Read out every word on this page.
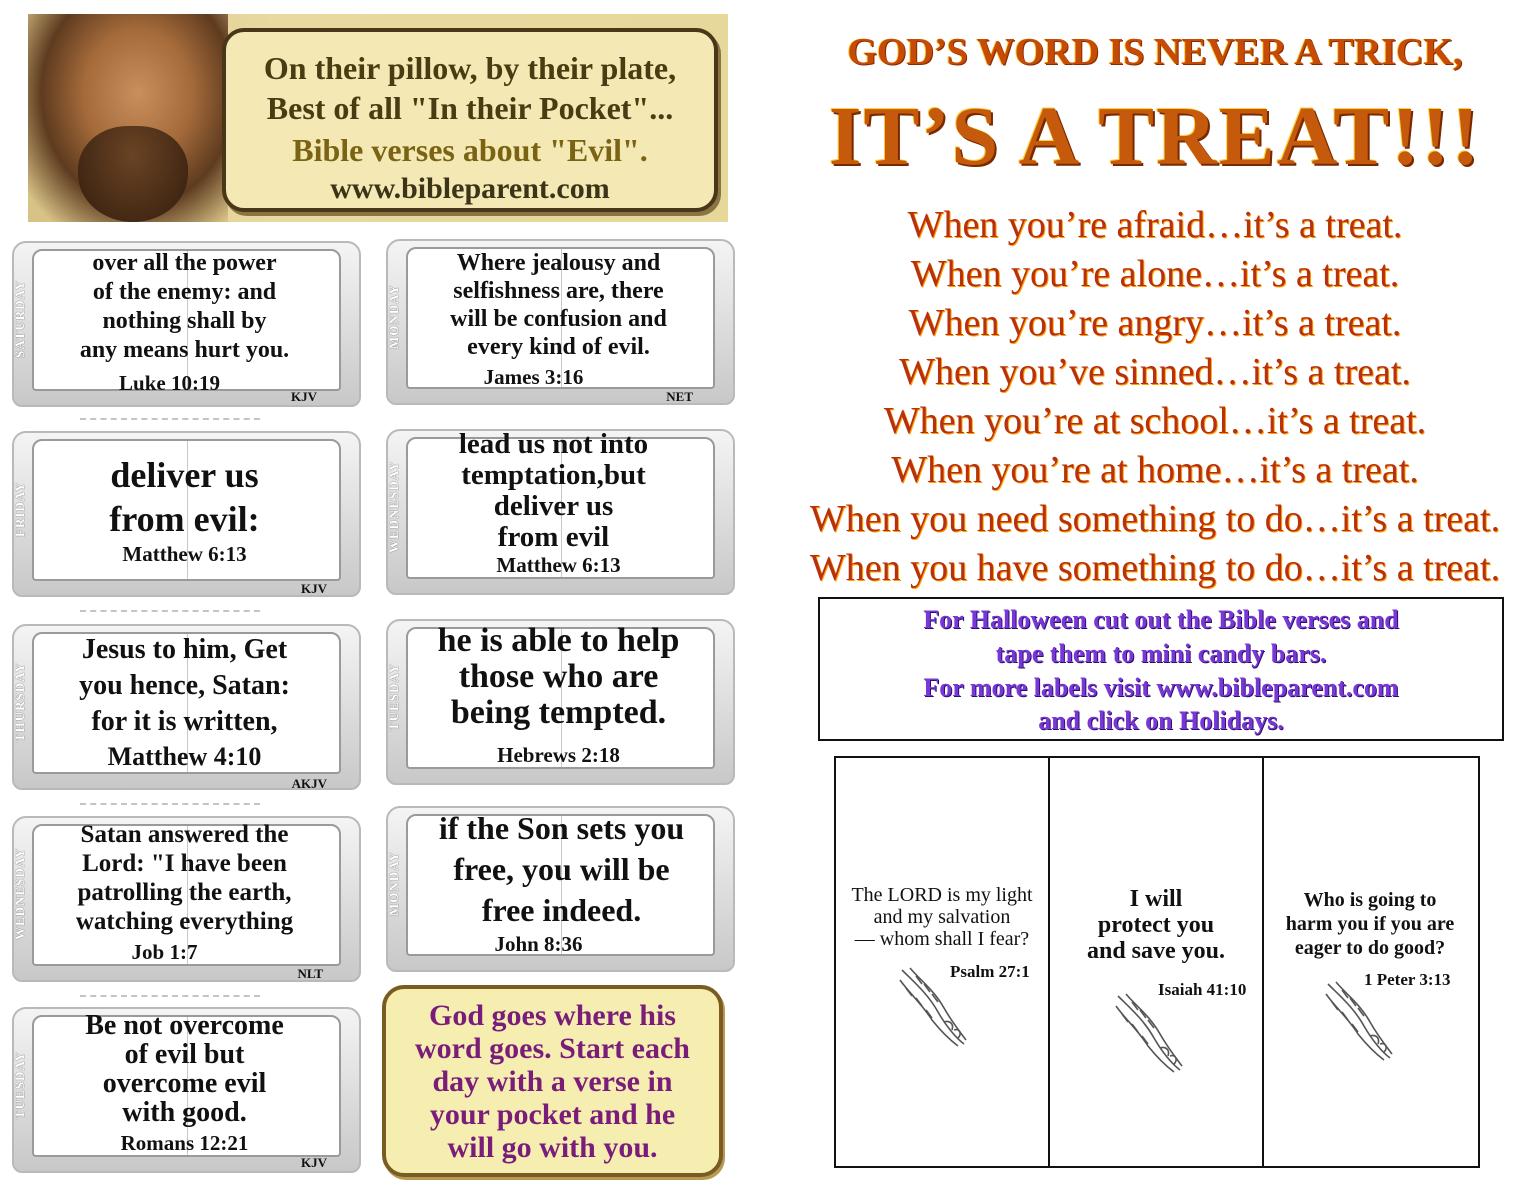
On their pillow, by their plate,
Best of all "In their Pocket"...
Bible verses about "Evil".
www.bibleparent.com
SATURDAY
over all the power
of the enemy: and
nothing shall by
any means hurt you.
Luke 10:19
KJV
MONDAY
Where jealousy and
selfishness are, there
will be confusion and
every kind of evil.
James 3:16
NET
FRIDAY
deliver us
from evil:
Matthew 6:13
KJV
WEDNESDAY
lead us not into
temptation,but
deliver us
from evil
Matthew 6:13
THURSDAY
Jesus to him, Get
you hence, Satan:
for it is written,
Matthew 4:10
AKJV
TUESDAY
he is able to help
those who are
being tempted.
Hebrews 2:18
WEDNESDAY
Satan answered the
Lord: "I have been
patrolling the earth,
watching everything
Job 1:7
NLT
MONDAY
if the Son sets you
free, you will be
free indeed.
John 8:36
TUESDAY
Be not overcome
of evil but
overcome evil
with good.
Romans 12:21
KJV
God goes where his
word goes. Start each
day with a verse in
your pocket and he
will go with you.
GOD’S WORD IS NEVER A TRICK,
IT’S A TREAT!!!
When you’re afraid…it’s a treat.
When you’re alone…it’s a treat.
When you’re angry…it’s a treat.
When you’ve sinned…it’s a treat.
When you’re at school…it’s a treat.
When you’re at home…it’s a treat.
When you need something to do…it’s a treat.
When you have something to do…it’s a treat.
For Halloween cut out the Bible verses and
tape them to mini candy bars.
For more labels visit www.bibleparent.com
and click on Holidays.
The LORD is my light
and my salvation
— whom shall I fear?
Psalm 27:1
I will
protect you
and save you.
Isaiah 41:10
Who is going to
harm you if you are
eager to do good?
1 Peter 3:13
